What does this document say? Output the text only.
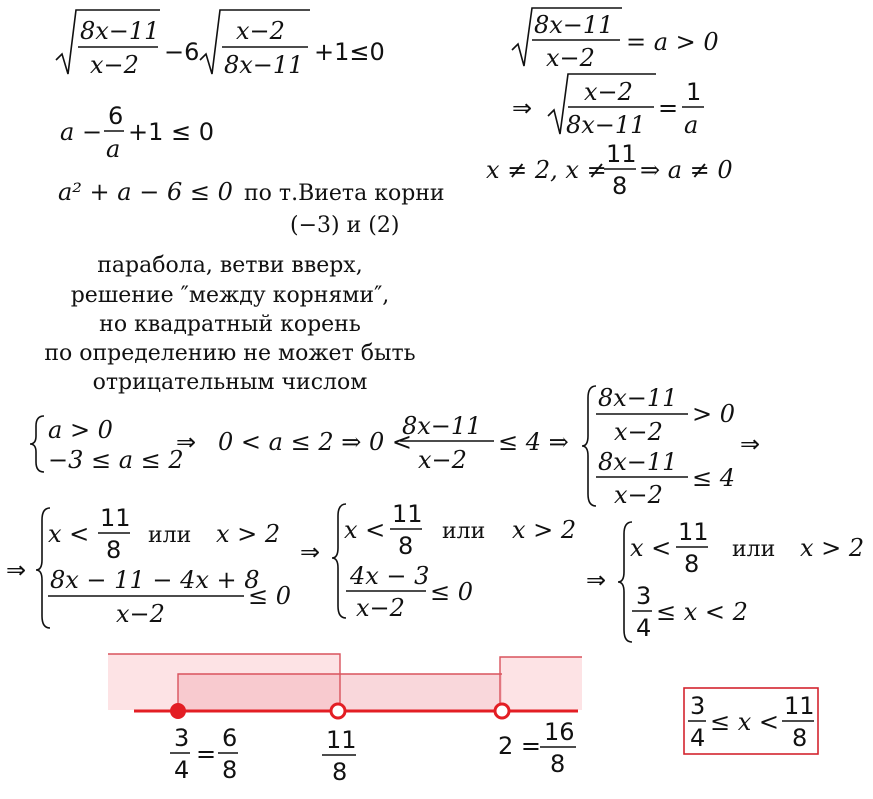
8x−11
x−2 −6
x−2
8x−11 +1≤0
8x−11
x−2
= a > 0
⇒
x−2
8x−11
=
1
a
x ≠ 2, x ≠
11
8
⇒ a ≠ 0
a −
6
a
+1 ≤ 0
a² + a − 6 ≤ 0 по т.Виета корни
(−3) и (2)
парабола, ветви вверх,
решение ″между корнями″,
но квадратный корень
по определению не может быть
отрицательным числом
a > 0
−3 ≤ a ≤ 2
⇒ 0 < a ≤ 2 ⇒ 0 <
8x−11
x−2
≤ 4 ⇒
8x−11
x−2
> 0
8x−11
x−2
≤ 4
⇒
⇒
x <
11
8
или x > 2
8x − 11 − 4x + 8
x−2
≤ 0
⇒
x <
11
8
или x > 2
4x − 3
x−2
≤ 0	⇒
x <
11
8
или x > 2
3
4
≤ x < 2
3
4
=
6
8
11
8
2 = 16
8
3
4
≤ x <
11
8
